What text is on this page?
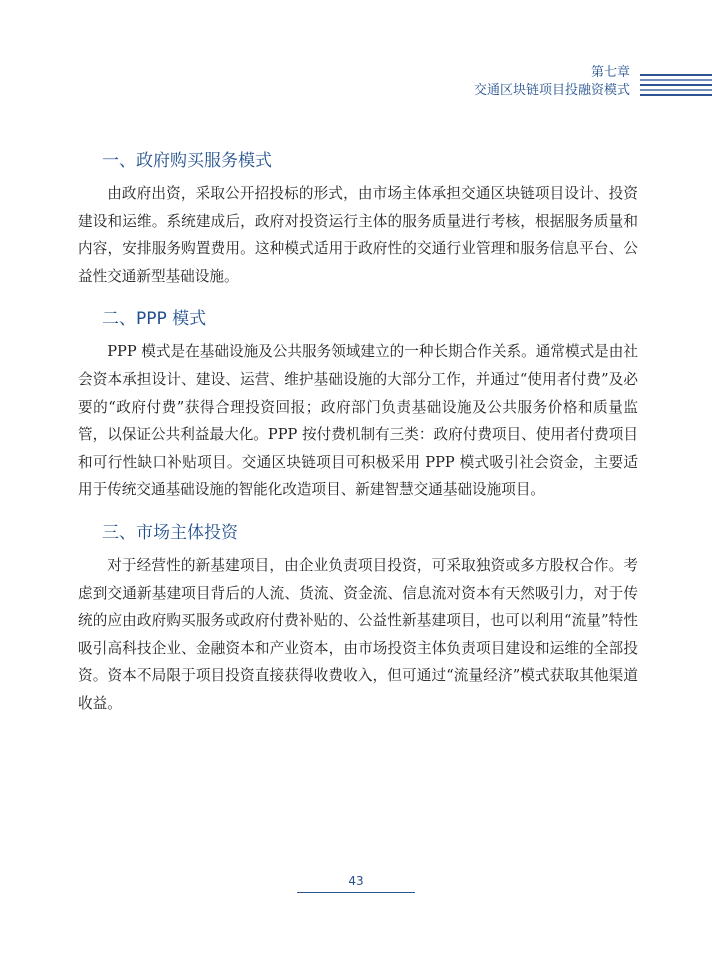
第七章
交通区块链项目投融资模式
一、政府购买服务模式

由政府出资，采取公开招投标的形式，由市场主体承担交通区块链项目设计、投资建设和运维。系统建成后，政府对投资运行主体的服务质量进行考核，根据服务质量和内容，安排服务购置费用。这种模式适用于政府性的交通行业管理和服务信息平台、公益性交通新型基础设施。

二、PPP 模式

PPP 模式是在基础设施及公共服务领域建立的一种长期合作关系。通常模式是由社会资本承担设计、建设、运营、维护基础设施的大部分工作，并通过“使用者付费”及必要的“政府付费”获得合理投资回报；政府部门负责基础设施及公共服务价格和质量监管，以保证公共利益最大化。PPP 按付费机制有三类：政府付费项目、使用者付费项目和可行性缺口补贴项目。交通区块链项目可积极采用 PPP 模式吸引社会资金，主要适用于传统交通基础设施的智能化改造项目、新建智慧交通基础设施项目。

三、市场主体投资

对于经营性的新基建项目，由企业负责项目投资，可采取独资或多方股权合作。考虑到交通新基建项目背后的人流、货流、资金流、信息流对资本有天然吸引力，对于传统的应由政府购买服务或政府付费补贴的、公益性新基建项目，也可以利用“流量”特性吸引高科技企业、金融资本和产业资本，由市场投资主体负责项目建设和运维的全部投资。资本不局限于项目投资直接获得收费收入，但可通过“流量经济”模式获取其他渠道收益。

43
